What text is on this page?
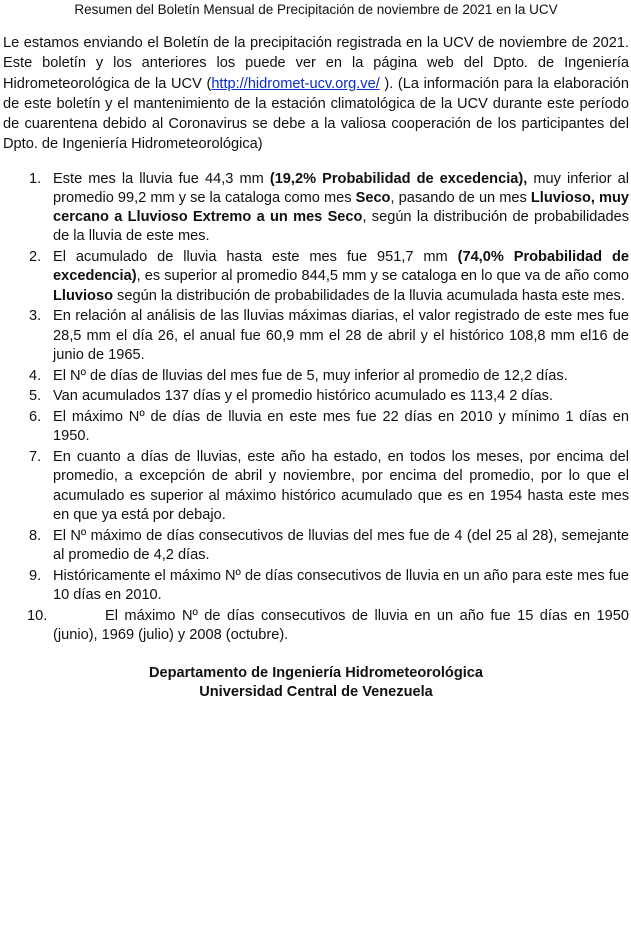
Resumen del Boletín Mensual de Precipitación de noviembre de 2021 en la UCV

Le estamos enviando el Boletín de la precipitación registrada en la UCV de noviembre de 2021. Este boletín y los anteriores los puede ver en la página web del Dpto. de Ingeniería Hidrometeorológica de la UCV (http://hidromet-ucv.org.ve/ ). (La información para la elaboración de este boletín y el mantenimiento de la estación climatológica de la UCV durante este período de cuarentena debido al Coronavirus se debe a la valiosa cooperación de los participantes del Dpto. de Ingeniería Hidrometeorológica)

1. Este mes la lluvia fue 44,3 mm (19,2% Probabilidad de excedencia), muy inferior al promedio 99,2 mm y se la cataloga como mes Seco, pasando de un mes Lluvioso, muy cercano a Lluvioso Extremo a un mes Seco, según la distribución de probabilidades de la lluvia de este mes.
2. El acumulado de lluvia hasta este mes fue 951,7 mm (74,0% Probabilidad de excedencia), es superior al promedio 844,5 mm y se cataloga en lo que va de año como Lluvioso según la distribución de probabilidades de la lluvia acumulada hasta este mes.
3. En relación al análisis de las lluvias máximas diarias, el valor registrado de este mes fue 28,5 mm el día 26, el anual fue 60,9 mm el 28 de abril y el histórico 108,8 mm el16 de junio de 1965.
4. El Nº de días de lluvias del mes fue de 5, muy inferior al promedio de 12,2 días.
5. Van acumulados 137 días y el promedio histórico acumulado es 113,4 2 días.
6. El máximo Nº de días de lluvia en este mes fue 22 días en 2010 y mínimo 1 días en 1950.
7. En cuanto a días de lluvias, este año ha estado, en todos los meses, por encima del promedio, a excepción de abril y noviembre, por encima del promedio, por lo que el acumulado es superior al máximo histórico acumulado que es en 1954 hasta este mes en que ya está por debajo.
8. El Nº máximo de días consecutivos de lluvias del mes fue de 4 (del 25 al 28), semejante al promedio de 4,2 días.
9. Históricamente el máximo Nº de días consecutivos de lluvia en un año para este mes fue 10 días en 2010.
10.	El máximo Nº de días consecutivos de lluvia en un año fue 15 días en 1950 (junio), 1969 (julio) y 2008 (octubre).
Departamento de Ingeniería Hidrometeorológica
Universidad Central de Venezuela
